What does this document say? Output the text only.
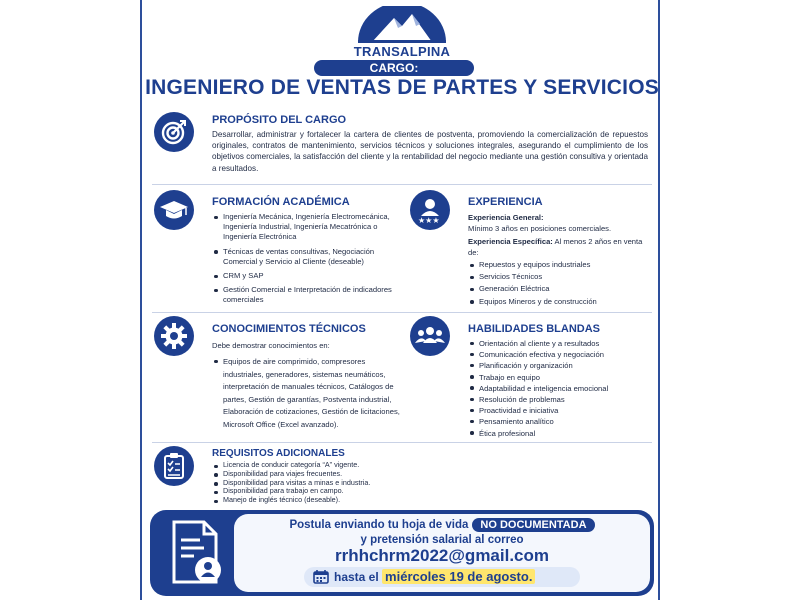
TRANSALPINA
CARGO:
INGENIERO DE VENTAS DE PARTES Y SERVICIOS
PROPÓSITO DEL CARGO
Desarrollar, administrar y fortalecer la cartera de clientes de postventa, promoviendo la comercialización de repuestos originales, contratos de mantenimiento, servicios técnicos y soluciones integrales, asegurando el cumplimiento de los objetivos comerciales, la satisfacción del cliente y la rentabilidad del negocio mediante una gestión consultiva y orientada a resultados.
FORMACIÓN ACADÉMICA
Ingeniería Mecánica, Ingeniería Electromecánica, Ingeniería Industrial, Ingeniería Mecatrónica o Ingeniería Electrónica
Técnicas de ventas consultivas, Negociación Comercial y Servicio al Cliente (deseable)
CRM y SAP
Gestión Comercial e Interpretación de indicadores comerciales
★★★
EXPERIENCIA
Experiencia General:
Mínimo 3 años en posiciones comerciales.
Experiencia Específica: Al menos 2 años en venta de:
Repuestos y equipos industriales
Servicios Técnicos
Generación Eléctrica
Equipos Mineros y de construcción
CONOCIMIENTOS TÉCNICOS
Debe demostrar conocimientos en:
Equipos de aire comprimido, compresores industriales, generadores, sistemas neumáticos, interpretación de manuales técnicos, Catálogos de partes, Gestión de garantías, Postventa industrial, Elaboración de cotizaciones, Gestión de licitaciones, Microsoft Office (Excel avanzado).
HABILIDADES BLANDAS
Orientación al cliente y a resultados
Comunicación efectiva y negociación
Planificación y organización
Trabajo en equipo
Adaptabilidad e inteligencia emocional
Resolución de problemas
Proactividad e iniciativa
Pensamiento analítico
Ética profesional
REQUISITOS ADICIONALES
Licencia de conducir categoría “A” vigente.
Disponibilidad para viajes frecuentes.
Disponibilidad para visitas a minas e industria.
Disponibilidad para trabajo en campo.
Manejo de inglés técnico (deseable).
Postula enviando tu hoja de vida NO DOCUMENTADA
y pretensión salarial al correo
rrhhchrm2022@gmail.com
hasta el miércoles 19 de agosto.
